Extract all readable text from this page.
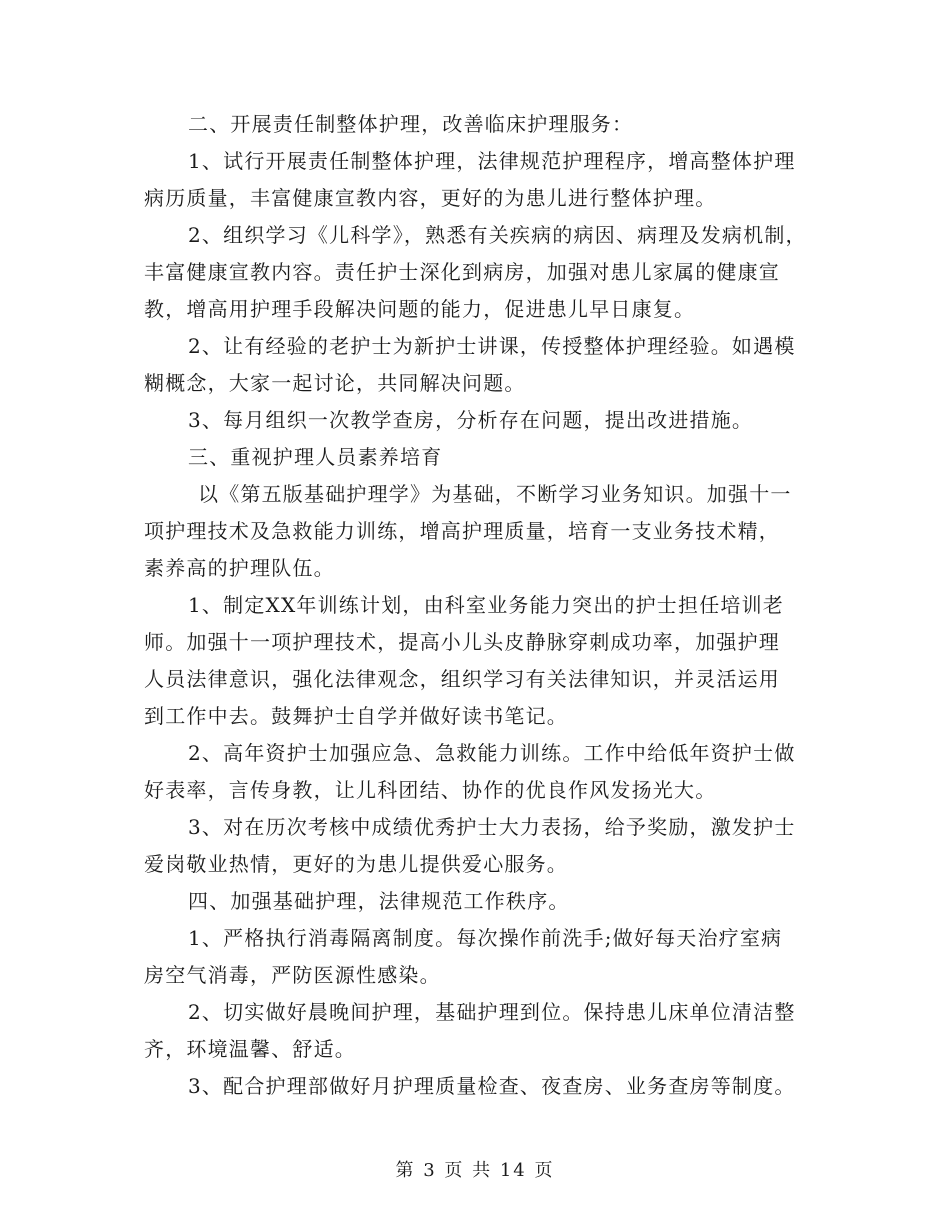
二、开展责任制整体护理，改善临床护理服务：
1、试行开展责任制整体护理，法律规范护理程序，增高整体护理
病历质量，丰富健康宣教内容，更好的为患儿进行整体护理。
2、组织学习《儿科学》，熟悉有关疾病的病因、病理及发病机制，
丰富健康宣教内容。责任护士深化到病房，加强对患儿家属的健康宣
教，增高用护理手段解决问题的能力，促进患儿早日康复。
2、让有经验的老护士为新护士讲课，传授整体护理经验。如遇模
糊概念，大家一起讨论，共同解决问题。
3、每月组织一次教学查房，分析存在问题，提出改进措施。
三、重视护理人员素养培育
以《第五版基础护理学》为基础，不断学习业务知识。加强十一
项护理技术及急救能力训练，增高护理质量，培育一支业务技术精，
素养高的护理队伍。
1、制定XX年训练计划，由科室业务能力突出的护士担任培训老
师。加强十一项护理技术，提高小儿头皮静脉穿刺成功率，加强护理
人员法律意识，强化法律观念，组织学习有关法律知识，并灵活运用
到工作中去。鼓舞护士自学并做好读书笔记。
2、高年资护士加强应急、急救能力训练。工作中给低年资护士做
好表率，言传身教，让儿科团结、协作的优良作风发扬光大。
3、对在历次考核中成绩优秀护士大力表扬，给予奖励，激发护士
爱岗敬业热情，更好的为患儿提供爱心服务。
四、加强基础护理，法律规范工作秩序。
1、严格执行消毒隔离制度。每次操作前洗手;做好每天治疗室病
房空气消毒，严防医源性感染。
2、切实做好晨晚间护理，基础护理到位。保持患儿床单位清洁整
齐，环境温馨、舒适。
3、配合护理部做好月护理质量检查、夜查房、业务查房等制度。
第 3 页 共 14 页
